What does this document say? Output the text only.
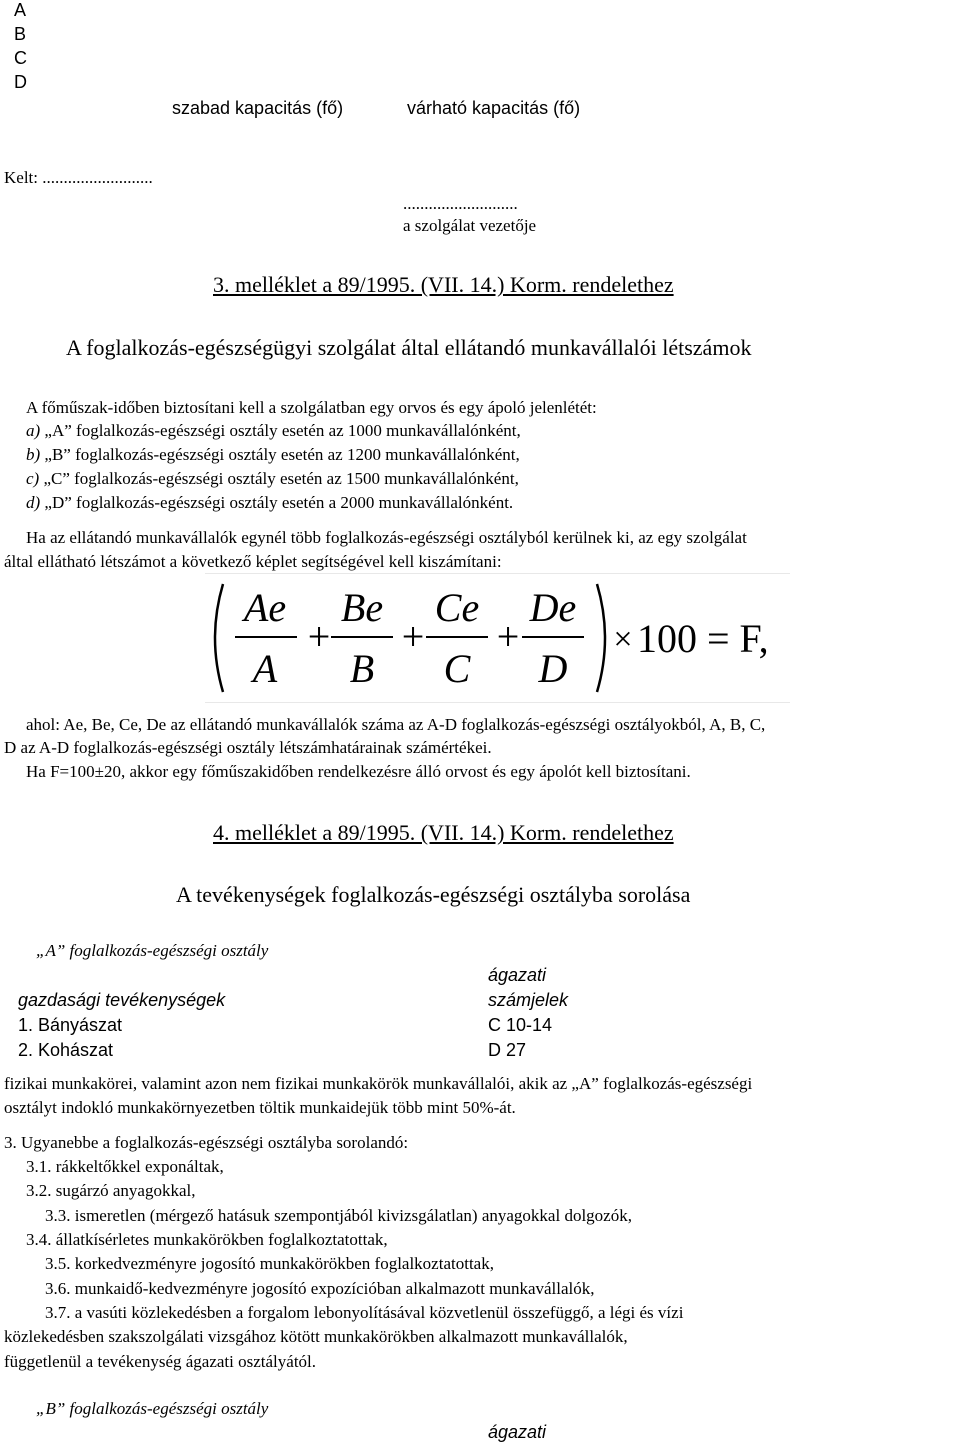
A
B
C
D
szabad kapacitás (fő)	várható kapacitás (fő)
Kelt: ..........................
...........................
a szolgálat vezetője
3. melléklet a 89/1995. (VII. 14.) Korm. rendelethez
A foglalkozás-egészségügyi szolgálat által ellátandó munkavállalói létszámok
A főműszak-időben biztosítani kell a szolgálatban egy orvos és egy ápoló jelenlétét:
a) „A” foglalkozás-egészségi osztály esetén az 1000 munkavállalónként,
b) „B” foglalkozás-egészségi osztály esetén az 1200 munkavállalónként,
c) „C” foglalkozás-egészségi osztály esetén az 1500 munkavállalónként,
d) „D” foglalkozás-egészségi osztály esetén a 2000 munkavállalónként.
Ha az ellátandó munkavállalók egynél több foglalkozás-egészségi osztályból kerülnek ki, az egy szolgálat
által ellátható létszámot a következő képlet segítségével kell kiszámítani:
Ae
A
+
Be
B
+
Ce
C
+
De
D
× 100 = F,
ahol: Ae, Be, Ce, De az ellátandó munkavállalók száma az A-D foglalkozás-egészségi osztályokból, A, B, C,
D az A-D foglalkozás-egészségi osztály létszámhatárainak számértékei.
Ha F=100±20, akkor egy főműszakidőben rendelkezésre álló orvost és egy ápolót kell biztosítani.
4. melléklet a 89/1995. (VII. 14.) Korm. rendelethez
A tevékenységek foglalkozás-egészségi osztályba sorolása
„A” foglalkozás-egészségi osztály
ágazati
gazdasági tevékenységek	számjelek
1. Bányászat	C 10-14
2. Kohászat	D 27
fizikai munkakörei, valamint azon nem fizikai munkakörök munkavállalói, akik az „A” foglalkozás-egészségi
osztályt indokló munkakörnyezetben töltik munkaidejük több mint 50%-át.
3. Ugyanebbe a foglalkozás-egészségi osztályba sorolandó:
3.1. rákkeltőkkel exponáltak,
3.2. sugárzó anyagokkal,
3.3. ismeretlen (mérgező hatásuk szempontjából kivizsgálatlan) anyagokkal dolgozók,
3.4. állatkísérletes munkakörökben foglalkoztatottak,
3.5. korkedvezményre jogosító munkakörökben foglalkoztatottak,
3.6. munkaidő-kedvezményre jogosító expozícióban alkalmazott munkavállalók,
3.7. a vasúti közlekedésben a forgalom lebonyolításával közvetlenül összefüggő, a légi és vízi
közlekedésben szakszolgálati vizsgához kötött munkakörökben alkalmazott munkavállalók,
függetlenül a tevékenység ágazati osztályától.
„B” foglalkozás-egészségi osztály
ágazati
